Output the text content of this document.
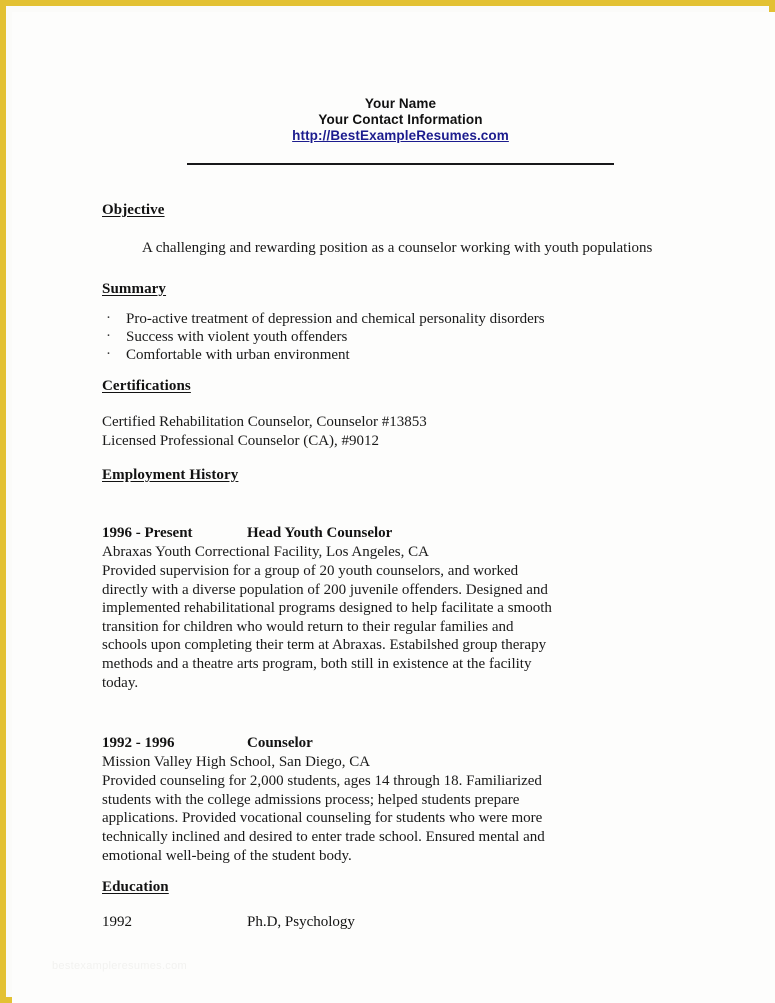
Your Name
Your Contact Information
http://BestExampleResumes.com
Objective
A challenging and rewarding position as a counselor working with youth populations
Summary
· Pro-active treatment of depression and chemical personality disorders
· Success with violent youth offenders
· Comfortable with urban environment
Certifications
Certified Rehabilitation Counselor, Counselor #13853
Licensed Professional Counselor (CA), #9012
Employment History
1996 - Present	Head Youth Counselor
Abraxas Youth Correctional Facility, Los Angeles, CA
Provided supervision for a group of 20 youth counselors, and worked directly with a diverse population of 200 juvenile offenders. Designed and implemented rehabilitational programs designed to help facilitate a smooth transition for children who would return to their regular families and schools upon completing their term at Abraxas. Estabilshed group therapy methods and a theatre arts program, both still in existence at the facility today.
1992 - 1996	Counselor
Mission Valley High School, San Diego, CA
Provided counseling for 2,000 students, ages 14 through 18. Familiarized students with the college admissions process; helped students prepare applications. Provided vocational counseling for students who were more technically inclined and desired to enter trade school. Ensured mental and emotional well-being of the student body.
Education
1992	Ph.D, Psychology
bestexampleresumes.com
